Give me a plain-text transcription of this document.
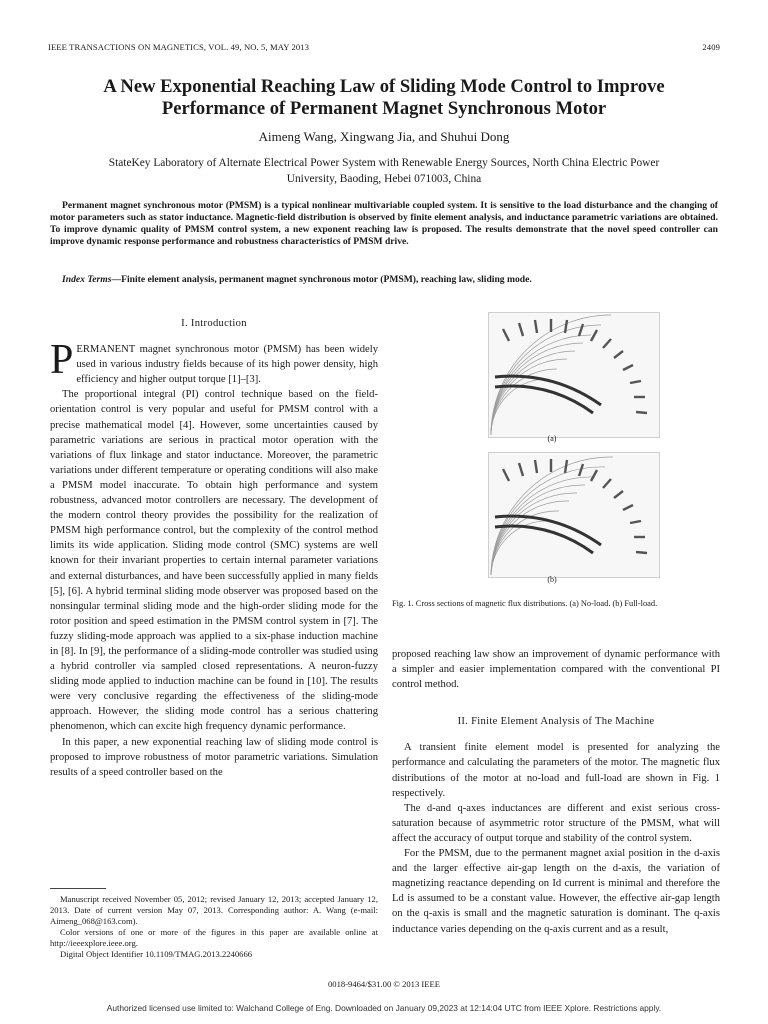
IEEE TRANSACTIONS ON MAGNETICS, VOL. 49, NO. 5, MAY 2013	2409
A New Exponential Reaching Law of Sliding Mode Control to Improve
Performance of Permanent Magnet Synchronous Motor
Aimeng Wang, Xingwang Jia, and Shuhui Dong
StateKey Laboratory of Alternate Electrical Power System with Renewable Energy Sources, North China Electric Power
University, Baoding, Hebei 071003, China
Permanent magnet synchronous motor (PMSM) is a typical nonlinear multivariable coupled system. It is sensitive to the load disturbance and the changing of motor parameters such as stator inductance. Magnetic-field distribution is observed by finite element analysis, and inductance parametric variations are obtained. To improve dynamic quality of PMSM control system, a new exponent reaching law is proposed. The results demonstrate that the novel speed controller can improve dynamic response performance and robustness characteristics of PMSM drive.
Index Terms—Finite element analysis, permanent magnet synchronous motor (PMSM), reaching law, sliding mode.
I. Introduction

PERMANENT magnet synchronous motor (PMSM) has been widely used in various industry fields because of its high power density, high efficiency and higher output torque [1]–[3].

The proportional integral (PI) control technique based on the field-orientation control is very popular and useful for PMSM control with a precise mathematical model [4]. However, some uncertainties caused by parametric variations are serious in practical motor operation with the variations of flux linkage and stator inductance. Moreover, the parametric variations under different temperature or operating conditions will also make a PMSM model inaccurate. To obtain high performance and system robustness, advanced motor controllers are necessary. The development of the modern control theory provides the possibility for the realization of PMSM high performance control, but the complexity of the control method limits its wide application. Sliding mode control (SMC) systems are well known for their invariant properties to certain internal parameter variations and external disturbances, and have been successfully applied in many fields [5], [6]. A hybrid terminal sliding mode observer was proposed based on the nonsingular terminal sliding mode and the high-order sliding mode for the rotor position and speed estimation in the PMSM control system in [7]. The fuzzy sliding-mode approach was applied to a six-phase induction machine in [8]. In [9], the performance of a sliding-mode controller was studied using a hybrid controller via sampled closed representations. A neuron-fuzzy sliding mode applied to induction machine can be found in [10]. The results were very conclusive regarding the effectiveness of the sliding-mode approach. However, the sliding mode control has a serious chattering phenomenon, which can excite high frequency dynamic performance.

In this paper, a new exponential reaching law of sliding mode control is proposed to improve robustness of motor parametric variations. Simulation results of a speed controller based on the

Manuscript received November 05, 2012; revised January 12, 2013; accepted January 12, 2013. Date of current version May 07, 2013. Corresponding author: A. Wang (e-mail: Aimeng_068@163.com).

Color versions of one or more of the figures in this paper are available online at http://ieeexplore.ieee.org.

Digital Object Identifier 10.1109/TMAG.2013.2240666

(a)
(b)
Fig. 1. Cross sections of magnetic flux distributions. (a) No-load. (b) Full-load.

proposed reaching law show an improvement of dynamic performance with a simpler and easier implementation compared with the conventional PI control method.

II. Finite Element Analysis of The Machine

A transient finite element model is presented for analyzing the performance and calculating the parameters of the motor. The magnetic flux distributions of the motor at no-load and full-load are shown in Fig. 1 respectively.

The d-and q-axes inductances are different and exist serious cross-saturation because of asymmetric rotor structure of the PMSM, what will affect the accuracy of output torque and stability of the control system.

For the PMSM, due to the permanent magnet axial position in the d-axis and the larger effective air-gap length on the d-axis, the variation of magnetizing reactance depending on Id current is minimal and therefore the Ld is assumed to be a constant value. However, the effective air-gap length on the q-axis is small and the magnetic saturation is dominant. The q-axis inductance varies depending on the q-axis current and as a result,

0018-9464/$31.00 © 2013 IEEE
Authorized licensed use limited to: Walchand College of Eng. Downloaded on January 09,2023 at 12:14:04 UTC from IEEE Xplore. Restrictions apply.
